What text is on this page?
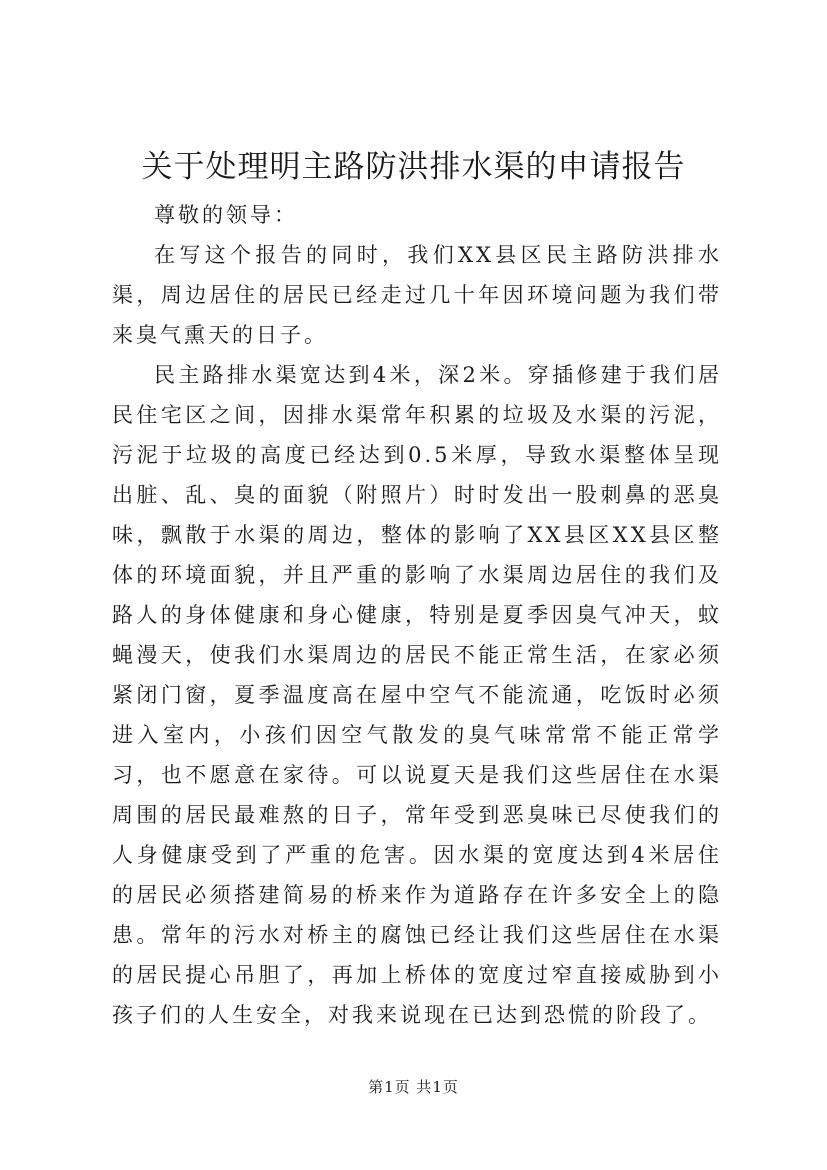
关于处理明主路防洪排水渠的申请报告

尊敬的领导：

在写这个报告的同时，我们XX县区民主路防洪排水渠，周边居住的居民已经走过几十年因环境问题为我们带来臭气熏天的日子。

民主路排水渠宽达到4米，深2米。穿插修建于我们居民住宅区之间，因排水渠常年积累的垃圾及水渠的污泥，污泥于垃圾的高度已经达到0.5米厚，导致水渠整体呈现出脏、乱、臭的面貌（附照片）时时发出一股刺鼻的恶臭味，飘散于水渠的周边，整体的影响了XX县区XX县区整体的环境面貌，并且严重的影响了水渠周边居住的我们及路人的身体健康和身心健康，特别是夏季因臭气冲天，蚊蝇漫天，使我们水渠周边的居民不能正常生活，在家必须紧闭门窗，夏季温度高在屋中空气不能流通，吃饭时必须进入室内，小孩们因空气散发的臭气味常常不能正常学习，也不愿意在家待。可以说夏天是我们这些居住在水渠周围的居民最难熬的日子，常年受到恶臭味已尽使我们的人身健康受到了严重的危害。因水渠的宽度达到4米居住的居民必须搭建简易的桥来作为道路存在许多安全上的隐患。常年的污水对桥主的腐蚀已经让我们这些居住在水渠的居民提心吊胆了，再加上桥体的宽度过窄直接威胁到小孩子们的人生安全，对我来说现在已达到恐慌的阶段了。

第1页 共1页
